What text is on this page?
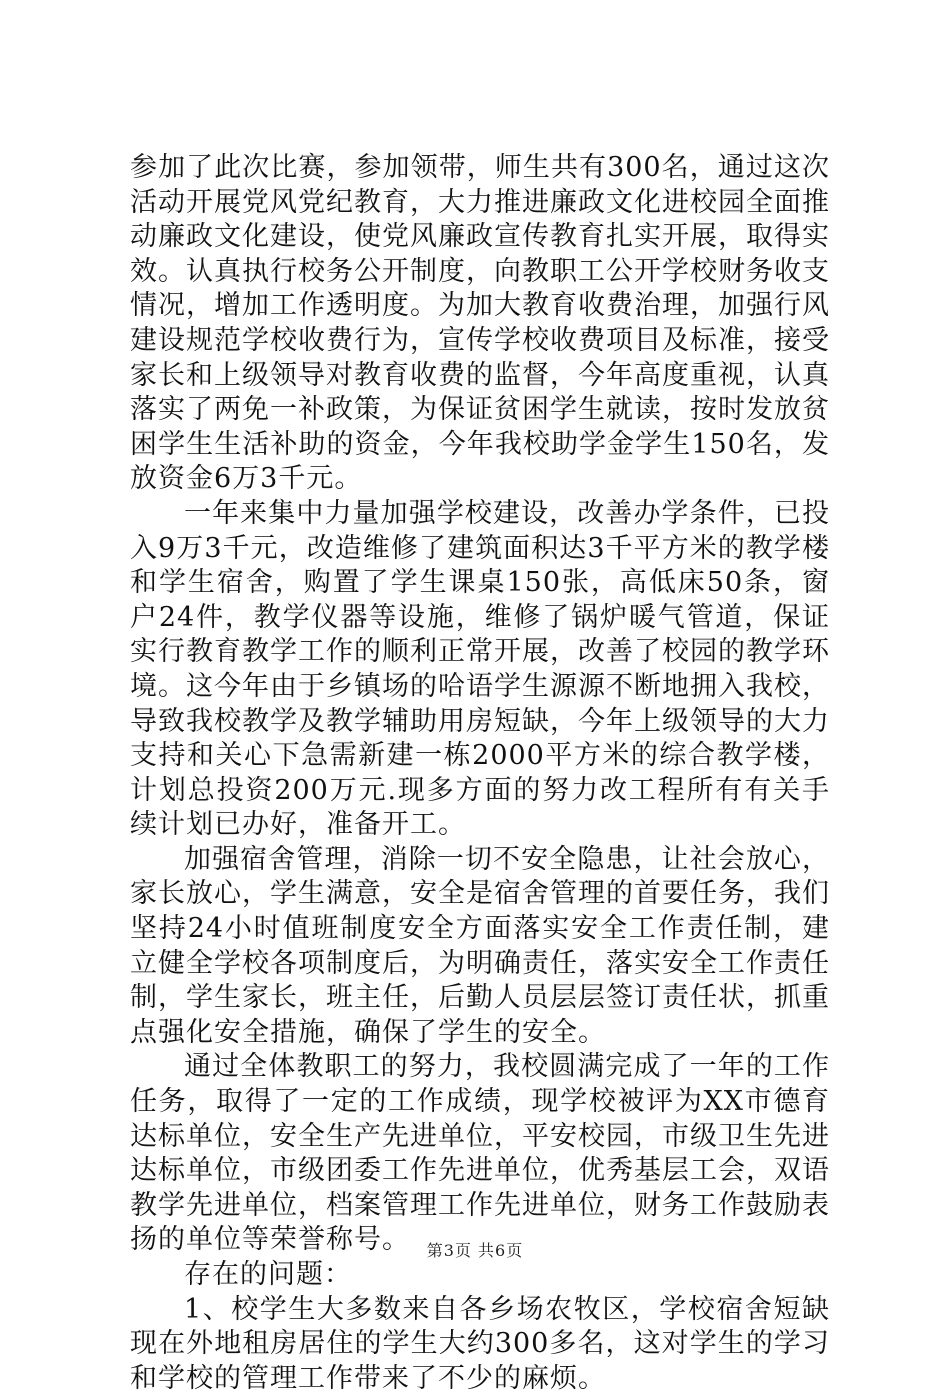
参加了此次比赛，参加领带，师生共有300名，通过这次活动开展党风党纪教育，大力推进廉政文化进校园全面推动廉政文化建设，使党风廉政宣传教育扎实开展，取得实效。认真执行校务公开制度，向教职工公开学校财务收支情况，增加工作透明度。为加大教育收费治理，加强行风建设规范学校收费行为，宣传学校收费项目及标准，接受家长和上级领导对教育收费的监督，今年高度重视，认真落实了两免一补政策，为保证贫困学生就读，按时发放贫困学生生活补助的资金，今年我校助学金学生150名，发放资金6万3千元。

一年来集中力量加强学校建设，改善办学条件，已投入9万3千元，改造维修了建筑面积达3千平方米的教学楼和学生宿舍，购置了学生课桌150张，高低床50条，窗户24件，教学仪器等设施，维修了锅炉暖气管道，保证实行教育教学工作的顺利正常开展，改善了校园的教学环境。这今年由于乡镇场的哈语学生源源不断地拥入我校，导致我校教学及教学辅助用房短缺，今年上级领导的大力支持和关心下急需新建一栋2000平方米的综合教学楼，计划总投资200万元.现多方面的努力改工程所有有关手续计划已办好，准备开工。

加强宿舍管理，消除一切不安全隐患，让社会放心，家长放心，学生满意，安全是宿舍管理的首要任务，我们坚持24小时值班制度安全方面落实安全工作责任制，建立健全学校各项制度后，为明确责任，落实安全工作责任制，学生家长，班主任，后勤人员层层签订责任状，抓重点强化安全措施，确保了学生的安全。

通过全体教职工的努力，我校圆满完成了一年的工作任务，取得了一定的工作成绩，现学校被评为XX市德育达标单位，安全生产先进单位，平安校园，市级卫生先进达标单位，市级团委工作先进单位，优秀基层工会，双语教学先进单位，档案管理工作先进单位，财务工作鼓励表扬的单位等荣誉称号。

存在的问题：

1、校学生大多数来自各乡场农牧区，学校宿舍短缺现在外地租房居住的学生大约300多名，这对学生的学习和学校的管理工作带来了不少的麻烦。

第3页 共6页
